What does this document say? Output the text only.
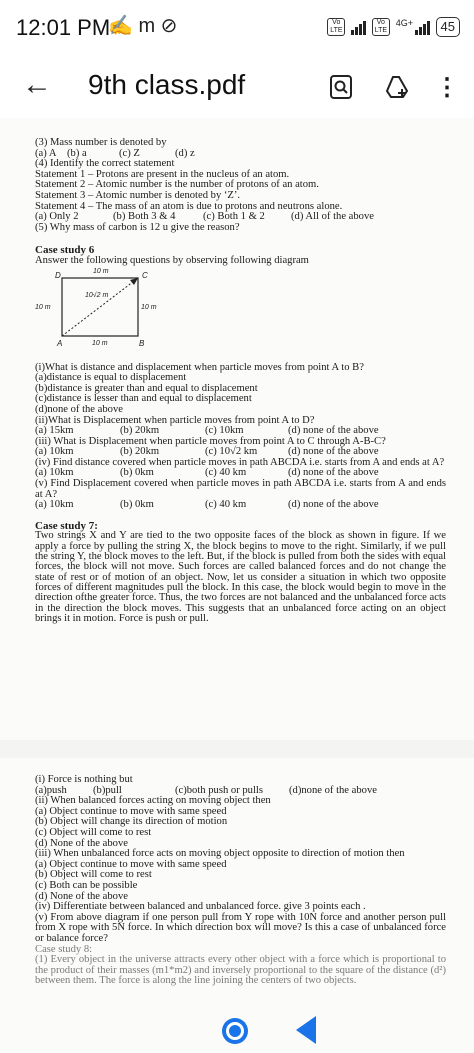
12:01 PM
✍ m ⊘	Vo LTE
Vo LTE
4G+	45
← 9th class.pdf	⋮

(3) Mass number is denoted by

(a) A (b) a	(c) Z	(d) z

(4) Identify the correct statement

Statement 1 – Protons are present in the nucleus of an atom.

Statement 2 – Atomic number is the number of protons of an atom.

Statement 3 – Atomic number is denoted by ‘Z’.

Statement 4 – The mass of an atom is due to protons and neutrons alone.

(a) Only 2	(b) Both 3 & 4	(c) Both 1 & 2	(d) All of the above

(5) Why mass of carbon is 12 u give the reason?

Case study 6

Answer the following questions by observing following diagram

D	C
A	B
10 m
10 m	10 m
10 m
10√2 m

(i)What is distance and displacement when particle moves from point A to B?

(a)distance is equal to displacement

(b)distance is greater than and equal to displacement

(c)distance is lesser than and equal to displacement

(d)none of the above

(ii)What is Displacement when particle moves from point A to D?

(a) 15km	(b) 20km	(c) 10km	(d) none of the above

(iii) What is Displacement when particle moves from point A to C through A-B-C?

(a) 10km	(b) 20km	(c) 10√2 km	(d) none of the above

(iv) Find distance covered when particle moves in path ABCDA i.e. starts from A and ends at A?

(a) 10km	(b) 0km	(c) 40 km	(d) none of the above

(v) Find Displacement covered when particle moves in path ABCDA i.e. starts from A and ends at A?

(a) 10km	(b) 0km	(c) 40 km	(d) none of the above
Case study 7:

Two strings X and Y are tied to the two opposite faces of the block as shown in figure. If we apply a force by pulling the string X, the block begins to move to the right. Similarly, if we pull the string Y, the block moves to the left. But, if the block is pulled from both the sides with equal forces, the block will not move. Such forces are called balanced forces and do not change the state of rest or of motion of an object. Now, let us consider a situation in which two opposite forces of different magnitudes pull the block. In this case, the block would begin to move in the direction ofthe greater force. Thus, the two forces are not balanced and the unbalanced force acts in the direction the block moves. This suggests that an unbalanced force acting on an object brings it in motion. Force is push or pull.

(i) Force is nothing but

(a)push	(b)pull	(c)both push or pulls	(d)none of the above

(ii) When balanced forces acting on moving object then

(a) Object continue to move with same speed

(b) Object will change its direction of motion

(c) Object will come to rest

(d) None of the above

(iii) When unbalanced force acts on moving object opposite to direction of motion then

(a) Object continue to move with same speed

(b) Object will come to rest

(c) Both can be possible

(d) None of the above

(iv) Differentiate between balanced and unbalanced force. give 3 points each .

(v) From above diagram if one person pull from Y rope with 10N force and another person pull from X rope with 5N force. In which direction box will move? Is this a case of unbalanced force or balance force?

Case study 8:

(1) Every object in the universe attracts every other object with a force which is proportional to the product of their masses (m1*m2) and inversely proportional to the square of the distance (d²) between them. The force is along the line joining the centers of two objects.
